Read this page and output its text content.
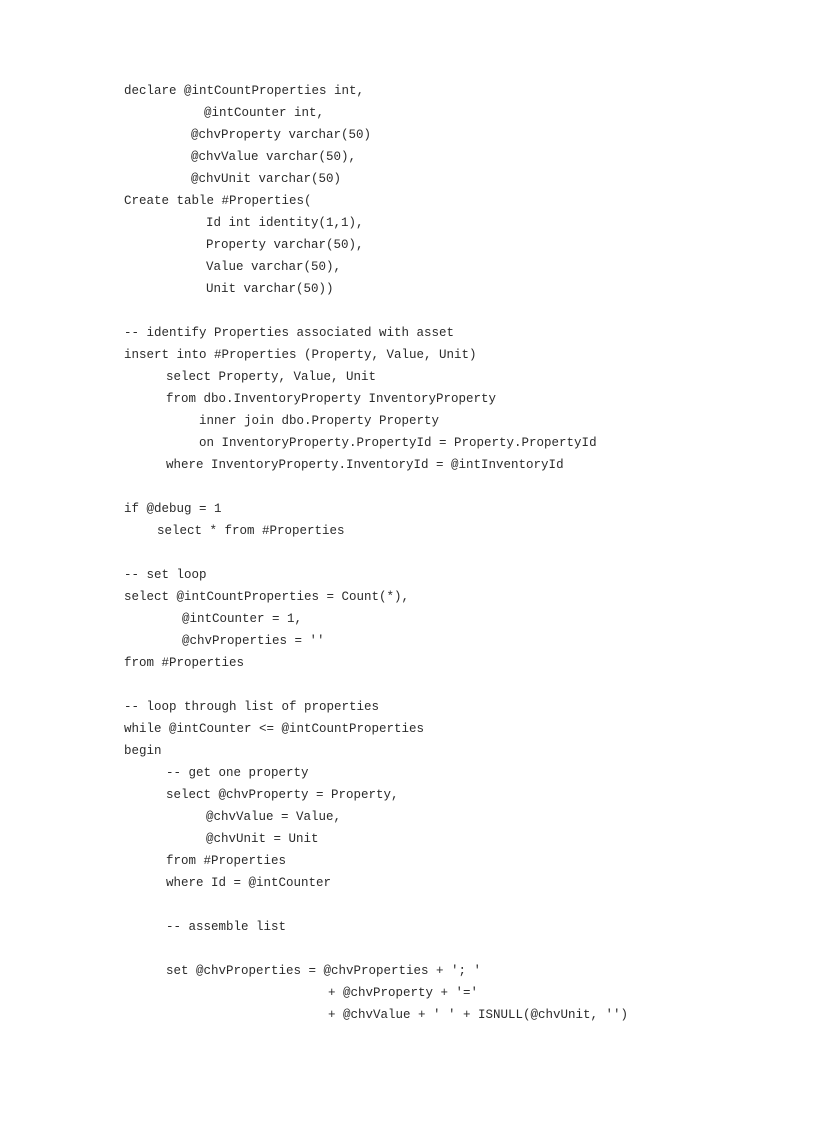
declare @intCountProperties int,
@intCounter int,
@chvProperty varchar(50)
@chvValue varchar(50),
@chvUnit varchar(50)
Create table #Properties(
Id int identity(1,1),
Property varchar(50),
Value varchar(50),
Unit varchar(50))
-- identify Properties associated with asset
insert into #Properties (Property, Value, Unit)
select Property, Value, Unit
from dbo.InventoryProperty InventoryProperty
inner join dbo.Property Property
on InventoryProperty.PropertyId = Property.PropertyId
where InventoryProperty.InventoryId = @intInventoryId
if @debug = 1
select * from #Properties
-- set loop
select @intCountProperties = Count(*),
@intCounter = 1,
@chvProperties = ''
from #Properties
-- loop through list of properties
while @intCounter <= @intCountProperties
begin
-- get one property
select @chvProperty = Property,
@chvValue = Value,
@chvUnit = Unit
from #Properties
where Id = @intCounter
-- assemble list
set @chvProperties = @chvProperties + '; '
+ @chvProperty + '='
+ @chvValue + ' ' + ISNULL(@chvUnit, '')
